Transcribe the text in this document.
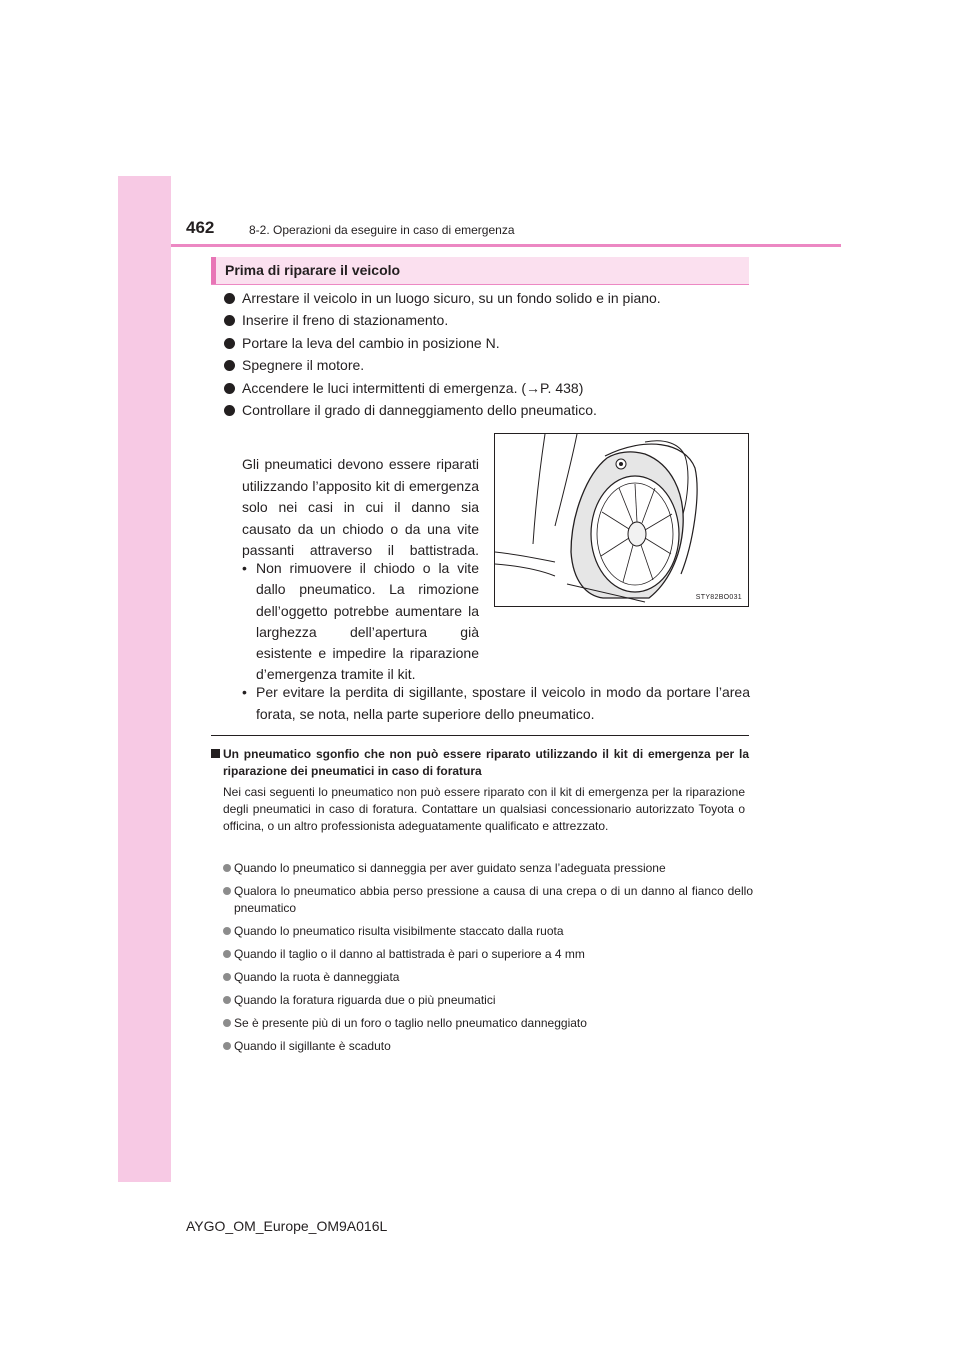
462	8-2. Operazioni da eseguire in caso di emergenza
Prima di riparare il veicolo
Arrestare il veicolo in un luogo sicuro, su un fondo solido e in piano.
Inserire il freno di stazionamento.
Portare la leva del cambio in posizione N.
Spegnere il motore.
Accendere le luci intermittenti di emergenza. (→P. 438)
Controllare il grado di danneggiamento dello pneumatico.
Gli pneumatici devono essere riparati utilizzando l’apposito kit di emergenza solo nei casi in cui il danno sia causato da un chiodo o da una vite passanti attraverso il battistrada.
• Non rimuovere il chiodo o la vite dallo pneumatico. La rimozione dell’oggetto potrebbe aumentare la larghezza dell’apertura già esistente e impedire la riparazione d’emergenza tramite il kit.
• Per evitare la perdita di sigillante, spostare il veicolo in modo da portare l’area forata, se nota, nella parte superiore dello pneumatico.
STY82BO031
Un pneumatico sgonfio che non può essere riparato utilizzando il kit di emergenza per la riparazione dei pneumatici in caso di foratura
Nei casi seguenti lo pneumatico non può essere riparato con il kit di emergenza per la riparazione degli pneumatici in caso di foratura. Contattare un qualsiasi concessionario autorizzato Toyota o officina, o un altro professionista adeguatamente qualificato e attrezzato.
Quando lo pneumatico si danneggia per aver guidato senza l’adeguata pressione
Qualora lo pneumatico abbia perso pressione a causa di una crepa o di un danno al fianco dello pneumatico
Quando lo pneumatico risulta visibilmente staccato dalla ruota
Quando il taglio o il danno al battistrada è pari o superiore a 4 mm
Quando la ruota è danneggiata
Quando la foratura riguarda due o più pneumatici
Se è presente più di un foro o taglio nello pneumatico danneggiato
Quando il sigillante è scaduto
AYGO_OM_Europe_OM9A016L
